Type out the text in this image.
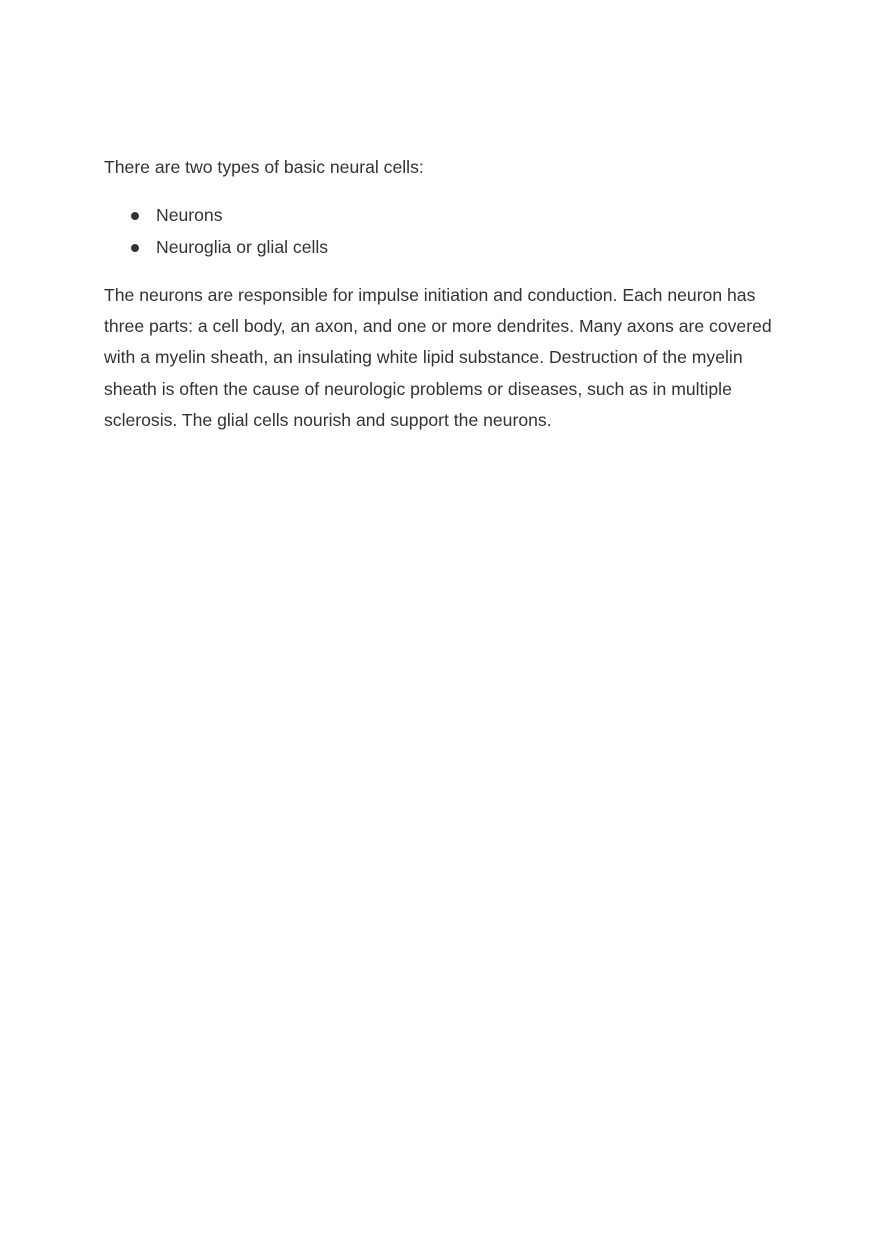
There are two types of basic neural cells:

Neurons
Neuroglia or glial cells

The neurons are responsible for impulse initiation and conduction. Each neuron has three parts: a cell body, an axon, and one or more dendrites. Many axons are covered with a myelin sheath, an insulating white lipid substance. Destruction of the myelin sheath is often the cause of neurologic problems or diseases, such as in multiple sclerosis. The glial cells nourish and support the neurons.
